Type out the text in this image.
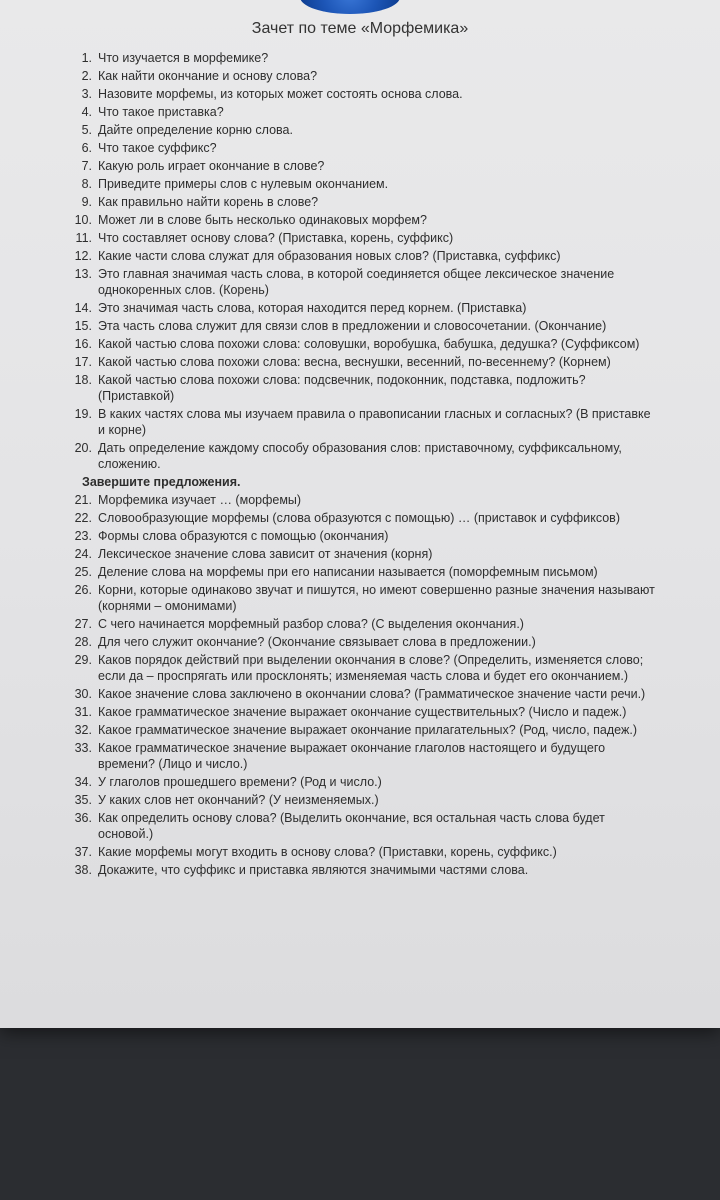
Зачет по теме «Морфемика»
1. Что изучается в морфемике?
2. Как найти окончание и основу слова?
3. Назовите морфемы, из которых может состоять основа слова.
4. Что такое приставка?
5. Дайте определение корню слова.
6. Что такое суффикс?
7. Какую роль играет окончание в слове?
8. Приведите примеры слов с нулевым окончанием.
9. Как правильно найти корень в слове?
10. Может ли в слове быть несколько одинаковых морфем?
11. Что составляет основу слова? (Приставка, корень, суффикс)
12. Какие части слова служат для образования новых слов? (Приставка, суффикс)
13. Это главная значимая часть слова, в которой соединяется общее лексическое значение однокоренных слов. (Корень)
14. Это значимая часть слова, которая находится перед корнем. (Приставка)
15. Эта часть слова служит для связи слов в предложении и словосочетании. (Окончание)
16. Какой частью слова похожи слова: соловушки, воробушка, бабушка, дедушка? (Суффиксом)
17. Какой частью слова похожи слова: весна, веснушки, весенний, по-весеннему? (Корнем)
18. Какой частью слова похожи слова: подсвечник, подоконник, подставка, подложить? (Приставкой)
19. В каких частях слова мы изучаем правила о правописании гласных и согласных? (В приставке и корне)
20. Дать определение каждому способу образования слов: приставочному, суффиксальному, сложению.
Завершите предложения.
21. Морфемика изучает … (морфемы)
22. Словообразующие морфемы (слова образуются с помощью) … (приставок и суффиксов)
23. Формы слова образуются с помощью (окончания)
24. Лексическое значение слова зависит от значения (корня)
25. Деление слова на морфемы при его написании называется (поморфемным письмом)
26. Корни, которые одинаково звучат и пишутся, но имеют совершенно разные значения называют (корнями – омонимами)
27. С чего начинается морфемный разбор слова? (С выделения окончания.)
28. Для чего служит окончание? (Окончание связывает слова в предложении.)
29. Каков порядок действий при выделении окончания в слове? (Определить, изменяется слово; если да – проспрягать или просклонять; изменяемая часть слова и будет его окончанием.)
30. Какое значение слова заключено в окончании слова? (Грамматическое значение части речи.)
31. Какое грамматическое значение выражает окончание существительных? (Число и падеж.)
32. Какое грамматическое значение выражает окончание прилагательных? (Род, число, падеж.)
33. Какое грамматическое значение выражает окончание глаголов настоящего и будущего времени? (Лицо и число.)
34. У глаголов прошедшего времени? (Род и число.)
35. У каких слов нет окончаний? (У неизменяемых.)
36. Как определить основу слова? (Выделить окончание, вся остальная часть слова будет основой.)
37. Какие морфемы могут входить в основу слова? (Приставки, корень, суффикс.)
38. Докажите, что суффикс и приставка являются значимыми частями слова.
